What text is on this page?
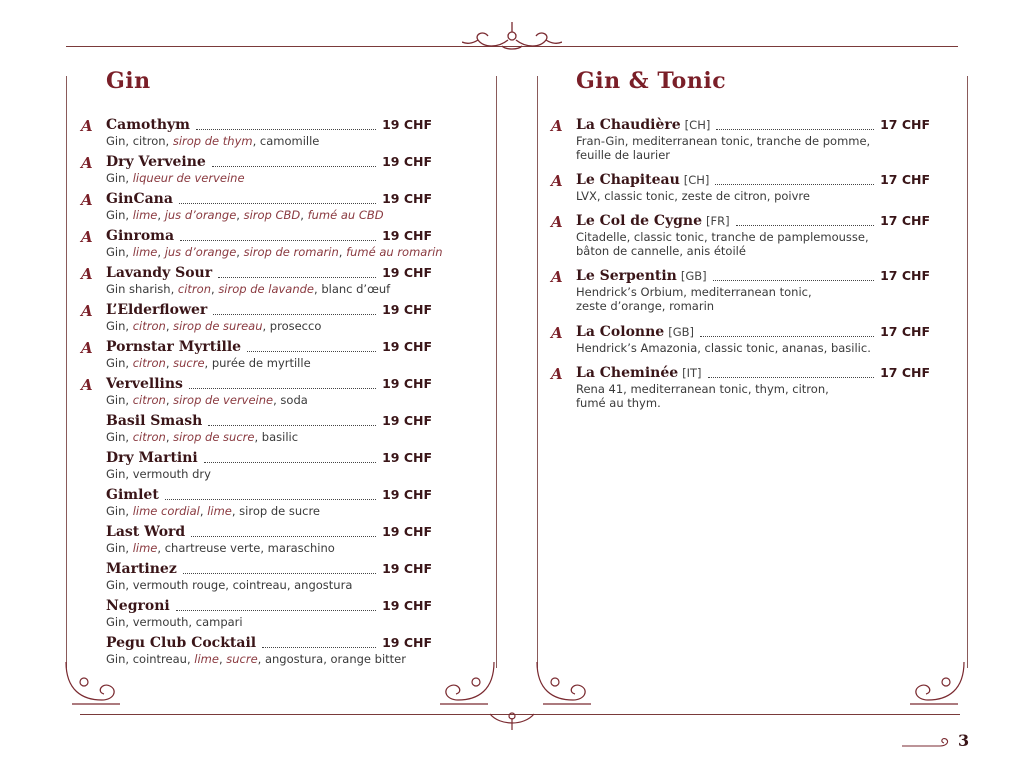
3
Gin	Gin & Tonic
A Camothym	19 CHF
Gin, citron, sirop de thym, camomille
A Dry Verveine	19 CHF
Gin, liqueur de verveine
A GinCana	19 CHF
Gin, lime, jus d’orange, sirop CBD, fumé au CBD
A Ginroma	19 CHF
Gin, lime, jus d’orange, sirop de romarin, fumé au romarin
A Lavandy Sour	19 CHF
Gin sharish, citron, sirop de lavande, blanc d’œuf
A L’Elderflower	19 CHF
Gin, citron, sirop de sureau, prosecco
A Pornstar Myrtille	19 CHF
Gin, citron, sucre, purée de myrtille
A Vervellins	19 CHF
Gin, citron, sirop de verveine, soda
Basil Smash	19 CHF
Gin, citron, sirop de sucre, basilic
Dry Martini	19 CHF
Gin, vermouth dry
Gimlet	19 CHF
Gin, lime cordial, lime, sirop de sucre
Last Word	19 CHF
Gin, lime, chartreuse verte, maraschino
Martinez	19 CHF
Gin, vermouth rouge, cointreau, angostura
Negroni	19 CHF
Gin, vermouth, campari
Pegu Club Cocktail	19 CHF
Gin, cointreau, lime, sucre, angostura, orange bitter
A La Chaudière [CH]	17 CHF
Fran-Gin, mediterranean tonic, tranche de pomme,
feuille de laurier
A Le Chapiteau [CH]	17 CHF
LVX, classic tonic, zeste de citron, poivre
A Le Col de Cygne [FR]	17 CHF
Citadelle, classic tonic, tranche de pamplemousse,
bâton de cannelle, anis étoilé
A Le Serpentin [GB]	17 CHF
Hendrick’s Orbium, mediterranean tonic,
zeste d’orange, romarin
A La Colonne [GB]	17 CHF
Hendrick’s Amazonia, classic tonic, ananas, basilic.
A La Cheminée [IT]	17 CHF
Rena 41, mediterranean tonic, thym, citron,
fumé au thym.
